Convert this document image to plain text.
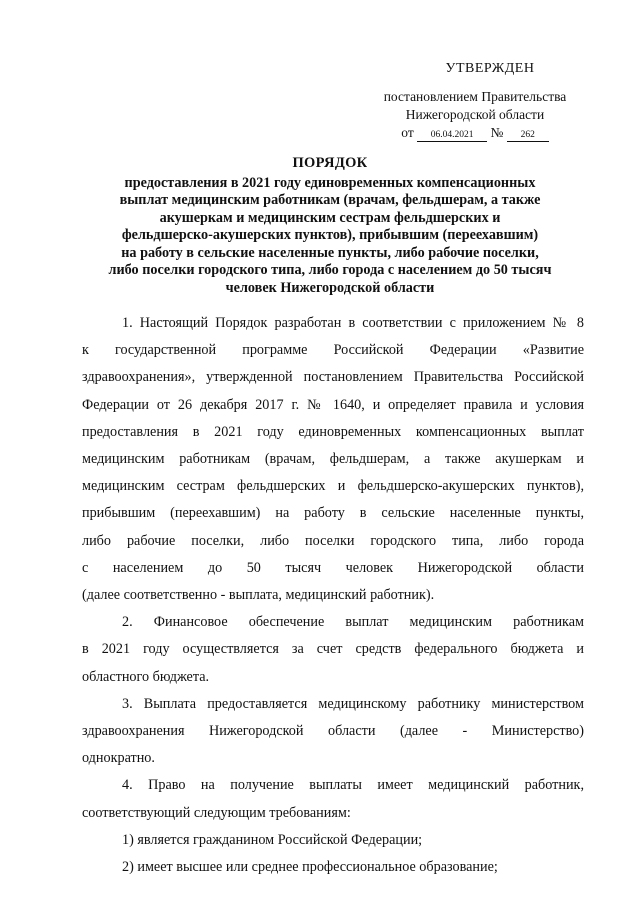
УТВЕРЖДЕН
постановлением Правительства
Нижегородской области
от 06.04.2021 № 262
ПОРЯДОК
предоставления в 2021 году единовременных компенсационных
выплат медицинским работникам (врачам, фельдшерам, а также
акушеркам и медицинским сестрам фельдшерских и
фельдшерско-акушерских пунктов), прибывшим (переехавшим)
на работу в сельские населенные пункты, либо рабочие поселки,
либо поселки городского типа, либо города с населением до 50 тысяч
человек Нижегородской области
1. Настоящий Порядок разработан в соответствии с приложением № 8
к государственной программе Российской Федерации «Развитие
здравоохранения», утвержденной постановлением Правительства Российской
Федерации от 26 декабря 2017 г. № 1640, и определяет правила и условия
предоставления в 2021 году единовременных компенсационных выплат
медицинским работникам (врачам, фельдшерам, а также акушеркам и
медицинским сестрам фельдшерских и фельдшерско-акушерских пунктов),
прибывшим (переехавшим) на работу в сельские населенные пункты,
либо рабочие поселки, либо поселки городского типа, либо города
с населением до 50 тысяч человек Нижегородской области
(далее соответственно - выплата, медицинский работник).
2. Финансовое обеспечение выплат медицинским работникам
в 2021 году осуществляется за счет средств федерального бюджета и
областного бюджета.
3. Выплата предоставляется медицинскому работнику министерством
здравоохранения Нижегородской области (далее - Министерство)
однократно.
4. Право на получение выплаты имеет медицинский работник,
соответствующий следующим требованиям:
1) является гражданином Российской Федерации;
2) имеет высшее или среднее профессиональное образование;
